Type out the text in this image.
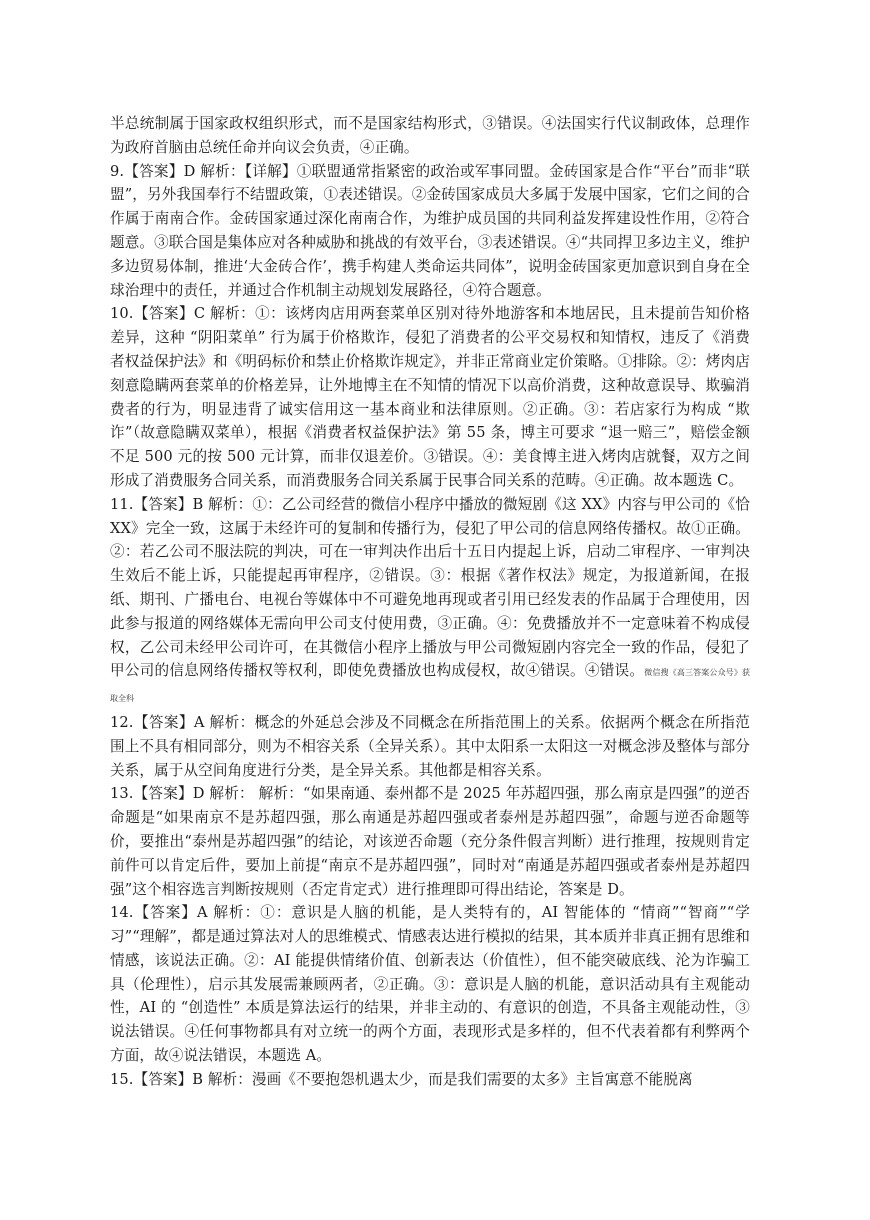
半总统制属于国家政权组织形式，而不是国家结构形式，③错误。④法国实行代议制政体，总理作为政府首脑由总统任命并向议会负责，④正确。

9.【答案】D 解析：【详解】①联盟通常指紧密的政治或军事同盟。金砖国家是合作“平台”而非“联盟”，另外我国奉行不结盟政策，①表述错误。②金砖国家成员大多属于发展中国家，它们之间的合作属于南南合作。金砖国家通过深化南南合作，为维护成员国的共同利益发挥建设性作用，②符合题意。③联合国是集体应对各种威胁和挑战的有效平台，③表述错误。④“共同捍卫多边主义，维护多边贸易体制，推进‘大金砖合作’，携手构建人类命运共同体”，说明金砖国家更加意识到自身在全球治理中的责任，并通过合作机制主动规划发展路径，④符合题意。

10.【答案】C 解析：①：该烤肉店用两套菜单区别对待外地游客和本地居民，且未提前告知价格差异，这种 “阴阳菜单” 行为属于价格欺诈，侵犯了消费者的公平交易权和知情权，违反了《消费者权益保护法》和《明码标价和禁止价格欺诈规定》，并非正常商业定价策略。①排除。②：烤肉店刻意隐瞒两套菜单的价格差异，让外地博主在不知情的情况下以高价消费，这种故意误导、欺骗消费者的行为，明显违背了诚实信用这一基本商业和法律原则。②正确。③：若店家行为构成 “欺诈”（故意隐瞒双菜单），根据《消费者权益保护法》第 55 条，博主可要求 “退一赔三”，赔偿金额不足 500 元的按 500 元计算，而非仅退差价。③错误。④：美食博主进入烤肉店就餐，双方之间形成了消费服务合同关系，而消费服务合同关系属于民事合同关系的范畴。④正确。故本题选 C。

11.【答案】B 解析：①：乙公司经营的微信小程序中播放的微短剧《这 XX》内容与甲公司的《恰 XX》完全一致，这属于未经许可的复制和传播行为，侵犯了甲公司的信息网络传播权。故①正确。②：若乙公司不服法院的判决，可在一审判决作出后十五日内提起上诉，启动二审程序、一审判决生效后不能上诉，只能提起再审程序，②错误。③：根据《著作权法》规定，为报道新闻，在报纸、期刊、广播电台、电视台等媒体中不可避免地再现或者引用已经发表的作品属于合理使用，因此参与报道的网络媒体无需向甲公司支付使用费，③正确。④：免费播放并不一定意味着不构成侵权，乙公司未经甲公司许可，在其微信小程序上播放与甲公司微短剧内容完全一致的作品，侵犯了甲公司的信息网络传播权等权利，即使免费播放也构成侵权，故④错误。④错误。微信搜《高三答案公众号》获取全科

12.【答案】A 解析：概念的外延总会涉及不同概念在所指范围上的关系。依据两个概念在所指范围上不具有相同部分，则为不相容关系（全异关系）。其中太阳系一太阳这一对概念涉及整体与部分关系，属于从空间角度进行分类，是全异关系。其他都是相容关系。

13.【答案】D 解析： 解析：“如果南通、泰州都不是 2025 年苏超四强，那么南京是四强”的逆否命题是“如果南京不是苏超四强，那么南通是苏超四强或者泰州是苏超四强”，命题与逆否命题等价，要推出“泰州是苏超四强”的结论，对该逆否命题（充分条件假言判断）进行推理，按规则肯定前件可以肯定后件，要加上前提“南京不是苏超四强”，同时对“南通是苏超四强或者泰州是苏超四强”这个相容选言判断按规则（否定肯定式）进行推理即可得出结论，答案是 D。

14.【答案】A 解析：①：意识是人脑的机能，是人类特有的，AI 智能体的 “情商”“智商”“学习”“理解”，都是通过算法对人的思维模式、情感表达进行模拟的结果，其本质并非真正拥有思维和情感，该说法正确。②：AI 能提供情绪价值、创新表达（价值性），但不能突破底线、沦为诈骗工具（伦理性），启示其发展需兼顾两者，②正确。③：意识是人脑的机能，意识活动具有主观能动性，AI 的 “创造性” 本质是算法运行的结果，并非主动的、有意识的创造，不具备主观能动性，③说法错误。④任何事物都具有对立统一的两个方面，表现形式是多样的，但不代表着都有利弊两个方面，故④说法错误，本题选 A。

15.【答案】B 解析：漫画《不要抱怨机遇太少，而是我们需要的太多》主旨寓意不能脱离
